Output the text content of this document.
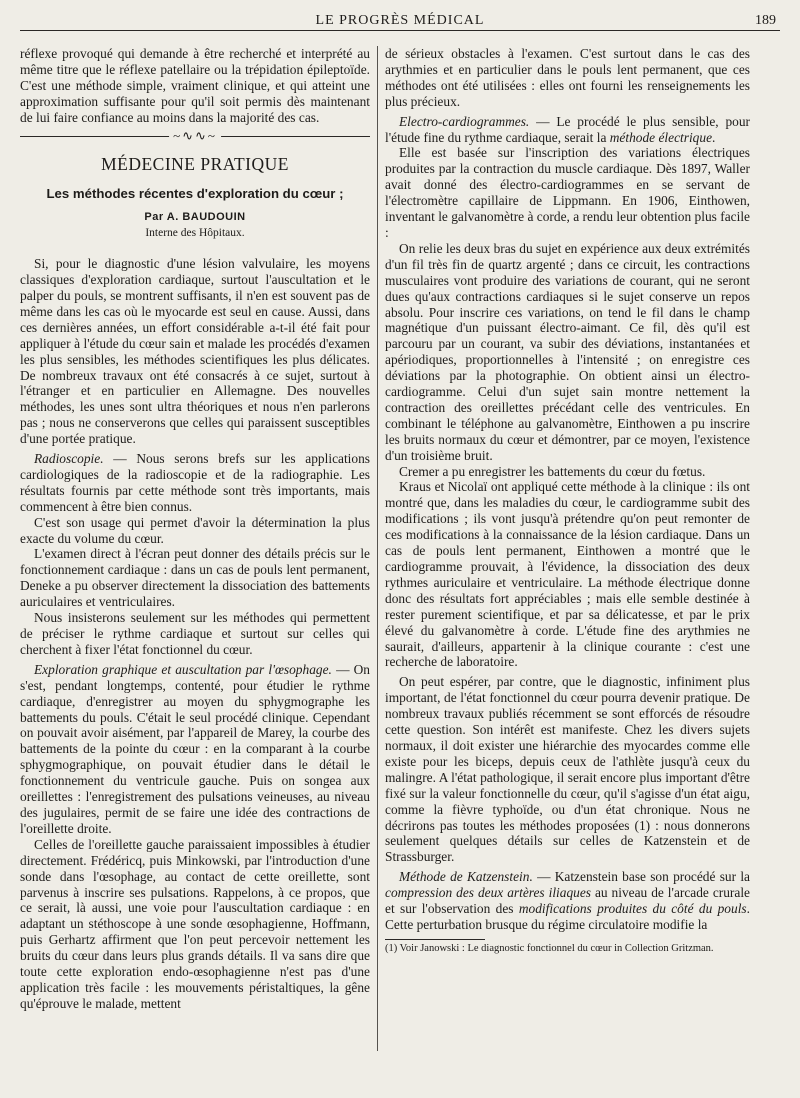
LE PROGRÈS MÉDICAL	189

réflexe provoqué qui demande à être recherché et interprété au même titre que le réflexe patellaire ou la trépidation épileptoïde. C'est une méthode simple, vraiment clinique, et qui atteint une approximation suffisante pour qu'il soit permis dès maintenant de lui faire confiance au moins dans la majorité des cas.

~∿∿~
MÉDECINE PRATIQUE
Les méthodes récentes d'exploration du cœur ;
Par A. BAUDOUIN
Interne des Hôpitaux.

Si, pour le diagnostic d'une lésion valvulaire, les moyens classiques d'exploration cardiaque, surtout l'auscultation et le palper du pouls, se montrent suffisants, il n'en est souvent pas de même dans les cas où le myocarde est seul en cause. Aussi, dans ces dernières années, un effort considérable a-t-il été fait pour appliquer à l'étude du cœur sain et malade les procédés d'examen les plus sensibles, les méthodes scientifiques les plus délicates. De nombreux travaux ont été consacrés à ce sujet, surtout à l'étranger et en particulier en Allemagne. Des nouvelles méthodes, les unes sont ultra théoriques et nous n'en parlerons pas ; nous ne conserverons que celles qui paraissent susceptibles d'une portée pratique.

Radioscopie. — Nous serons brefs sur les applications cardiologiques de la radioscopie et de la radiographie. Les résultats fournis par cette méthode sont très importants, mais commencent à être bien connus.

C'est son usage qui permet d'avoir la détermination la plus exacte du volume du cœur.

L'examen direct à l'écran peut donner des détails précis sur le fonctionnement cardiaque : dans un cas de pouls lent permanent, Deneke a pu observer directement la dissociation des battements auriculaires et ventriculaires.

Nous insisterons seulement sur les méthodes qui permettent de préciser le rythme cardiaque et surtout sur celles qui cherchent à fixer l'état fonctionnel du cœur.

Exploration graphique et auscultation par l'œsophage. — On s'est, pendant longtemps, contenté, pour étudier le rythme cardiaque, d'enregistrer au moyen du sphygmographe les battements du pouls. C'était le seul procédé clinique. Cependant on pouvait avoir aisément, par l'appareil de Marey, la courbe des battements de la pointe du cœur : en la comparant à la courbe sphygmographique, on pouvait étudier dans le détail le fonctionnement du ventricule gauche. Puis on songea aux oreillettes : l'enregistrement des pulsations veineuses, au niveau des jugulaires, permit de se faire une idée des contractions de l'oreillette droite.

Celles de l'oreillette gauche paraissaient impossibles à étudier directement. Frédéricq, puis Minkowski, par l'introduction d'une sonde dans l'œsophage, au contact de cette oreillette, sont parvenus à inscrire ses pulsations. Rappelons, à ce propos, que ce serait, là aussi, une voie pour l'auscultation cardiaque : en adaptant un stéthoscope à une sonde œsophagienne, Hoffmann, puis Gerhartz affirment que l'on peut percevoir nettement les bruits du cœur dans leurs plus grands détails. Il va sans dire que toute cette exploration endo-œsophagienne n'est pas d'une application très facile : les mouvements péristaltiques, la gêne qu'éprouve le malade, mettent

de sérieux obstacles à l'examen. C'est surtout dans le cas des arythmies et en particulier dans le pouls lent permanent, que ces méthodes ont été utilisées : elles ont fourni les renseignements les plus précieux.

Electro-cardiogrammes. — Le procédé le plus sensible, pour l'étude fine du rythme cardiaque, serait la méthode électrique.

Elle est basée sur l'inscription des variations électriques produites par la contraction du muscle cardiaque. Dès 1897, Waller avait donné des électro-cardiogrammes en se servant de l'électromètre capillaire de Lippmann. En 1906, Einthowen, inventant le galvanomètre à corde, a rendu leur obtention plus facile :

On relie les deux bras du sujet en expérience aux deux extrémités d'un fil très fin de quartz argenté ; dans ce circuit, les contractions musculaires vont produire des variations de courant, qui ne seront dues qu'aux contractions cardiaques si le sujet conserve un repos absolu. Pour inscrire ces variations, on tend le fil dans le champ magnétique d'un puissant électro-aimant. Ce fil, dès qu'il est parcouru par un courant, va subir des déviations, instantanées et apériodiques, proportionnelles à l'intensité ; on enregistre ces déviations par la photographie. On obtient ainsi un électro-cardiogramme. Celui d'un sujet sain montre nettement la contraction des oreillettes précédant celle des ventricules. En combinant le téléphone au galvanomètre, Einthowen a pu inscrire les bruits normaux du cœur et démontrer, par ce moyen, l'existence d'un troisième bruit.

Cremer a pu enregistrer les battements du cœur du fœtus.

Kraus et Nicolaï ont appliqué cette méthode à la clinique : ils ont montré que, dans les maladies du cœur, le cardiogramme subit des modifications ; ils vont jusqu'à prétendre qu'on peut remonter de ces modifications à la connaissance de la lésion cardiaque. Dans un cas de pouls lent permanent, Einthowen a montré que le cardiogramme prouvait, à l'évidence, la dissociation des deux rythmes auriculaire et ventriculaire. La méthode électrique donne donc des résultats fort appréciables ; mais elle semble destinée à rester purement scientifique, et par sa délicatesse, et par le prix élevé du galvanomètre à corde. L'étude fine des arythmies ne saurait, d'ailleurs, appartenir à la clinique courante : c'est une recherche de laboratoire.

On peut espérer, par contre, que le diagnostic, infiniment plus important, de l'état fonctionnel du cœur pourra devenir pratique. De nombreux travaux publiés récemment se sont efforcés de résoudre cette question. Son intérêt est manifeste. Chez les divers sujets normaux, il doit exister une hiérarchie des myocardes comme elle existe pour les biceps, depuis ceux de l'athlète jusqu'à ceux du malingre. A l'état pathologique, il serait encore plus important d'être fixé sur la valeur fonctionnelle du cœur, qu'il s'agisse d'un état aigu, comme la fièvre typhoïde, ou d'un état chronique. Nous ne décrirons pas toutes les méthodes proposées (1) : nous donnerons seulement quelques détails sur celles de Katzenstein et de Strassburger.

Méthode de Katzenstein. — Katzenstein base son procédé sur la compression des deux artères iliaques au niveau de l'arcade crurale et sur l'observation des modifications produites du côté du pouls. Cette perturbation brusque du régime circulatoire modifie la

(1) Voir Janowski : Le diagnostic fonctionnel du cœur in Collection Gritzman.
